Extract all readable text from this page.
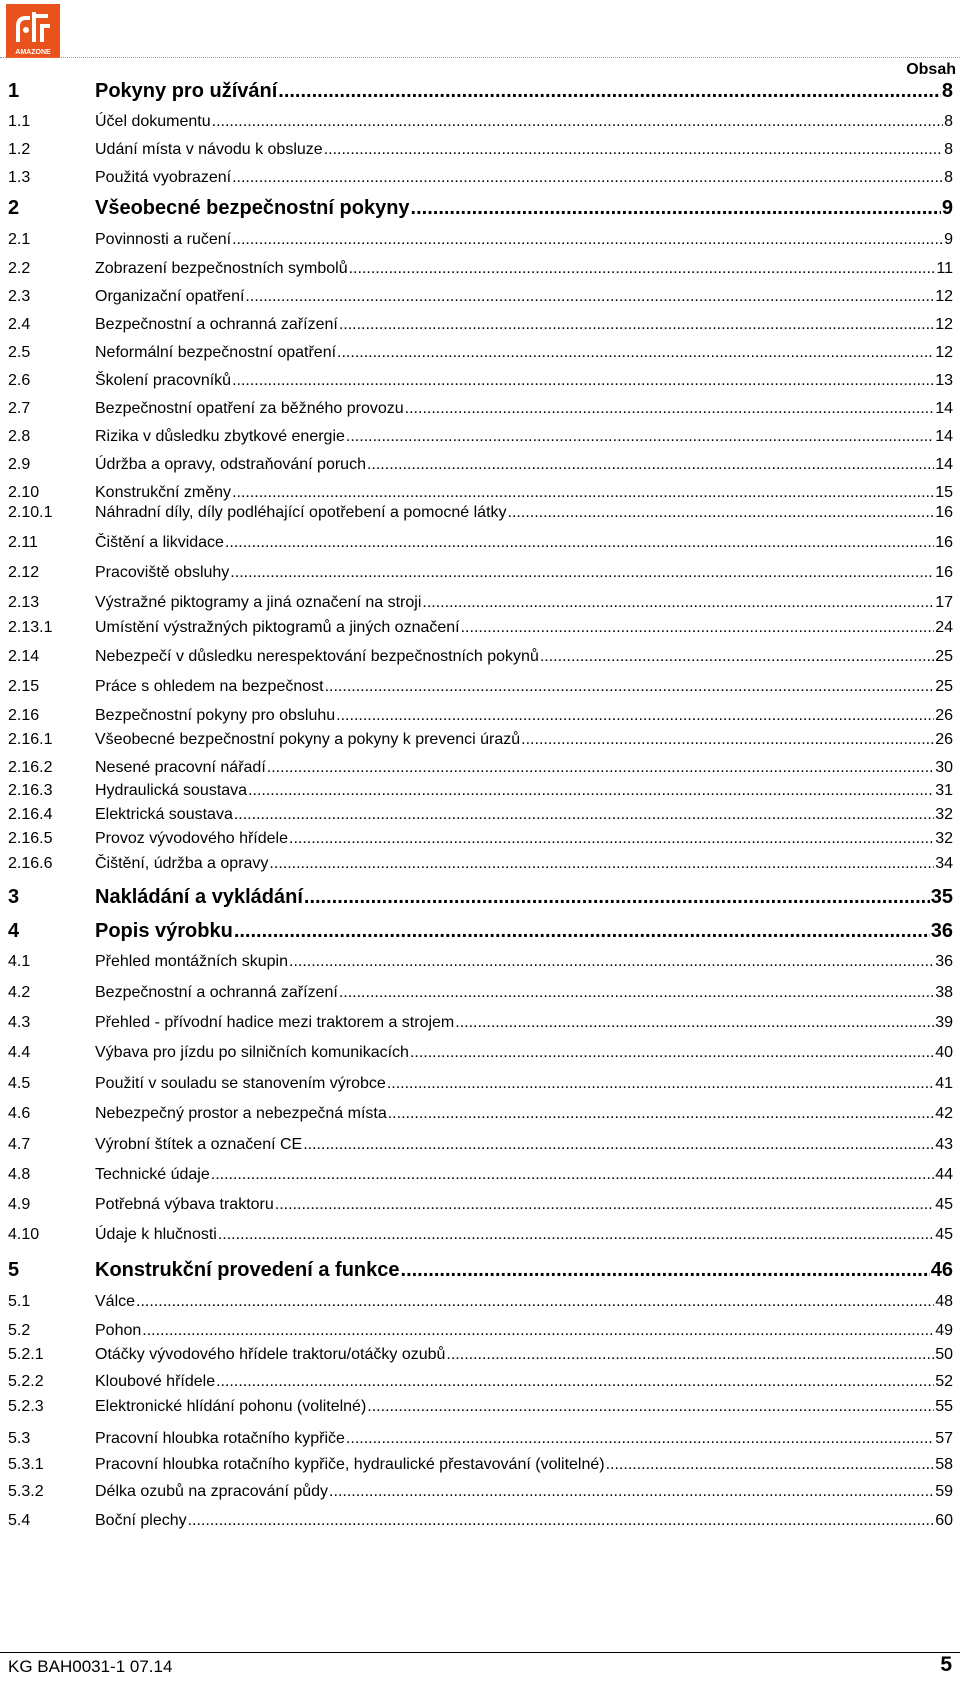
AMAZONE
Obsah
1	Pokyny pro užívání .....	8
1.1	Účel dokumentu .....	8
1.2	Udání místa v návodu k obsluze .....	8
1.3	Použitá vyobrazení .....	8
2	Všeobecné bezpečnostní pokyny .....	9
2.1	Povinnosti a ručení .....	9
2.2	Zobrazení bezpečnostních symbolů .....	11
2.3	Organizační opatření .....	12
2.4	Bezpečnostní a ochranná zařízení .....	12
2.5	Neformální bezpečnostní opatření .....	12
2.6	Školení pracovníků .....	13
2.7	Bezpečnostní opatření za běžného provozu .....	14
2.8	Rizika v důsledku zbytkové energie .....	14
2.9	Údržba a opravy, odstraňování poruch .....	14
2.10	Konstrukční změny .....	15
2.10.1	Náhradní díly, díly podléhající opotřebení a pomocné látky .....	16
2.11	Čištění a likvidace .....	16
2.12	Pracoviště obsluhy .....	16
2.13	Výstražné piktogramy a jiná označení na stroji .....	17
2.13.1	Umístění výstražných piktogramů a jiných označení .....	24
2.14	Nebezpečí v důsledku nerespektování bezpečnostních pokynů .....	25
2.15	Práce s ohledem na bezpečnost .....	25
2.16	Bezpečnostní pokyny pro obsluhu .....	26
2.16.1	Všeobecné bezpečnostní pokyny a pokyny k prevenci úrazů .....	26
2.16.2	Nesené pracovní nářadí .....	30
2.16.3	Hydraulická soustava .....	31
2.16.4	Elektrická soustava .....	32
2.16.5	Provoz vývodového hřídele .....	32
2.16.6	Čištění, údržba a opravy .....	34
3	Nakládání a vykládání .....	35
4	Popis výrobku .....	36
4.1	Přehled montážních skupin .....	36
4.2	Bezpečnostní a ochranná zařízení .....	38
4.3	Přehled - přívodní hadice mezi traktorem a strojem .....	39
4.4	Výbava pro jízdu po silničních komunikacích .....	40
4.5	Použití v souladu se stanovením výrobce .....	41
4.6	Nebezpečný prostor a nebezpečná místa .....	42
4.7	Výrobní štítek a označení CE .....	43
4.8	Technické údaje .....	44
4.9	Potřebná výbava traktoru .....	45
4.10	Údaje k hlučnosti .....	45
5	Konstrukční provedení a funkce .....	46
5.1	Válce .....	48
5.2	Pohon .....	49
5.2.1	Otáčky vývodového hřídele traktoru/otáčky ozubů .....	50
5.2.2	Kloubové hřídele .....	52
5.2.3	Elektronické hlídání pohonu (volitelné) .....	55
5.3	Pracovní hloubka rotačního kypřiče .....	57
5.3.1	Pracovní hloubka rotačního kypřiče, hydraulické přestavování (volitelné) .....	58
5.3.2	Délka ozubů na zpracování půdy .....	59
5.4	Boční plechy .....	60
KG BAH0031-1 07.14	5
